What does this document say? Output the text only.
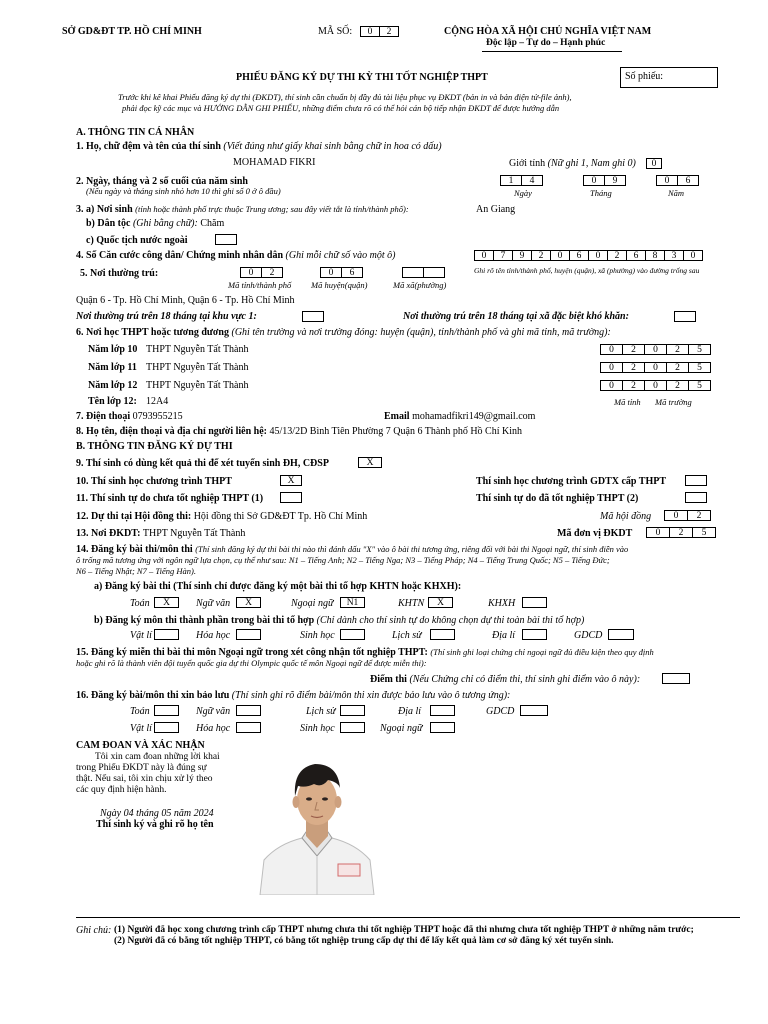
SỞ GD&ĐT TP. HỒ CHÍ MINH	MÃ SỐ:	0	2	CỘNG HÒA XÃ HỘI CHỦ NGHĨA VIỆT NAM
Độc lập – Tự do – Hạnh phúc
PHIẾU ĐĂNG KÝ DỰ THI KỲ THI TỐT NGHIỆP THPT	Số phiếu:
Trước khi kê khai Phiếu đăng ký dự thi (ĐKDT), thí sinh cần chuẩn bị đầy đủ tài liệu phục vụ ĐKDT (bản in và bản điện tử-file ảnh),
phải đọc kỹ các mục và HƯỚNG DẪN GHI PHIẾU, những điểm chưa rõ có thể hỏi cán bộ tiếp nhận ĐKDT để được hướng dẫn
A. THÔNG TIN CÁ NHÂN
1. Họ, chữ đệm và tên của thí sinh (Viết đúng như giấy khai sinh bằng chữ in hoa có dấu)
MOHAMAD FIKRI	Giới tính (Nữ ghi 1, Nam ghi 0)	0
2. Ngày, tháng và 2 số cuối của năm sinh
(Nếu ngày và tháng sinh nhỏ hơn 10 thì ghi số 0 ở ô đầu)
1	4	0	9	0	6
Ngày	Tháng	Năm
3. a) Nơi sinh (tỉnh hoặc thành phố trực thuộc Trung ương; sau đây viết tắt là tỉnh/thành phố):	An Giang
b) Dân tộc (Ghi bằng chữ): Chăm
c) Quốc tịch nước ngoài
4. Số Căn cước công dân/ Chứng minh nhân dân (Ghi mỗi chữ số vào một ô)	0	7	9	2	0	6	0	2	6	8	3	0
5. Nơi thường trú:	0	2	0	6
Mã tỉnh/thành phố Mã huyện(quận)	Mã xã(phường)
Ghi rõ tên tỉnh/thành phố, huyện (quận), xã (phường) vào đường trống sau
Quận 6 - Tp. Hồ Chí Minh, Quận 6 - Tp. Hồ Chí Minh
Nơi thường trú trên 18 tháng tại khu vực 1:	Nơi thường trú trên 18 tháng tại xã đặc biệt khó khăn:
6. Nơi học THPT hoặc tương đương (Ghi tên trường và nơi trường đóng: huyện (quận), tỉnh/thành phố và ghi mã tỉnh, mã trường):
Năm lớp 10 THPT Nguyễn Tất Thành	0	2	0	2	5
Năm lớp 11 THPT Nguyễn Tất Thành	0	2	0	2	5
Năm lớp 12 THPT Nguyễn Tất Thành	0	2	0	2	5
Tên lớp 12: 12A4	Mã tỉnh Mã trường
7. Điện thoại 0793955215	Email mohamadfikri149@gmail.com
8. Họ tên, điện thoại và địa chỉ người liên hệ: 45/13/2D Bình Tiên Phường 7 Quận 6 Thành phố Hồ Chí Kinh
B. THÔNG TIN ĐĂNG KÝ DỰ THI
9. Thí sinh có dùng kết quả thi để xét tuyển sinh ĐH, CĐSP	X
10. Thí sinh học chương trình THPT	X	Thí sinh học chương trình GDTX cấp THPT
11. Thí sinh tự do chưa tốt nghiệp THPT (1)	Thí sinh tự do đã tốt nghiệp THPT (2)
12. Dự thi tại Hội đồng thi: Hội đồng thi Sở GD&ĐT Tp. Hồ Chí Minh	Mã hội đồng	0	2
13. Nơi ĐKDT: THPT Nguyễn Tất Thành	Mã đơn vị ĐKDT	0	2	5
14. Đăng ký bài thi/môn thi (Thí sinh đăng ký dự thi bài thi nào thì đánh dấu "X" vào ô bài thi tương ứng, riêng đối với bài thi Ngoại ngữ, thí sinh điền vào
ô trống mã tương ứng với ngôn ngữ lựa chọn, cụ thể như sau: N1 – Tiếng Anh; N2 – Tiếng Nga; N3 – Tiếng Pháp; N4 – Tiếng Trung Quốc; N5 – Tiếng Đức;
N6 – Tiếng Nhật; N7 – Tiếng Hàn).
a) Đăng ký bài thi (Thí sinh chỉ được đăng ký một bài thi tổ hợp KHTN hoặc KHXH):
Toán	X	Ngữ văn	X	Ngoại ngữ	N1	KHTN	X	KHXH
b) Đăng ký môn thi thành phần trong bài thi tổ hợp (Chỉ dành cho thí sinh tự do không chọn dự thi toàn bài thi tổ hợp)
Vật lí	Hóa học	Sinh học	Lịch sử	Địa lí	GDCD
15. Đăng ký miễn thi bài thi môn Ngoại ngữ trong xét công nhận tốt nghiệp THPT: (Thí sinh ghi loại chứng chỉ ngoại ngữ đủ điều kiện theo quy định
hoặc ghi rõ là thành viên đội tuyển quốc gia dự thi Olympic quốc tế môn Ngoại ngữ để được miễn thi):
Điểm thi (Nếu Chứng chỉ có điểm thi, thí sinh ghi điểm vào ô này):
16. Đăng ký bài/môn thi xin bảo lưu (Thí sinh ghi rõ điểm bài/môn thi xin được bảo lưu vào ô tương ứng):
Toán	Ngữ văn	Lịch sử	Địa lí	GDCD
Vật lí	Hóa học	Sinh học	Ngoại ngữ
CAM ĐOAN VÀ XÁC NHẬN
Tôi xin cam đoan những lời khai
trong Phiếu ĐKDT này là đúng sự
thật. Nếu sai, tôi xin chịu xử lý theo
các quy định hiện hành.
Ngày 04 tháng 05 năm 2024
Thí sinh ký và ghi rõ họ tên
Ghi chú: (1) Người đã học xong chương trình cấp THPT nhưng chưa thi tốt nghiệp THPT hoặc đã thi nhưng chưa tốt nghiệp THPT ở những năm trước;
(2) Người đã có bằng tốt nghiệp THPT, có bằng tốt nghiệp trung cấp dự thi để lấy kết quả làm cơ sở đăng ký xét tuyển sinh.
